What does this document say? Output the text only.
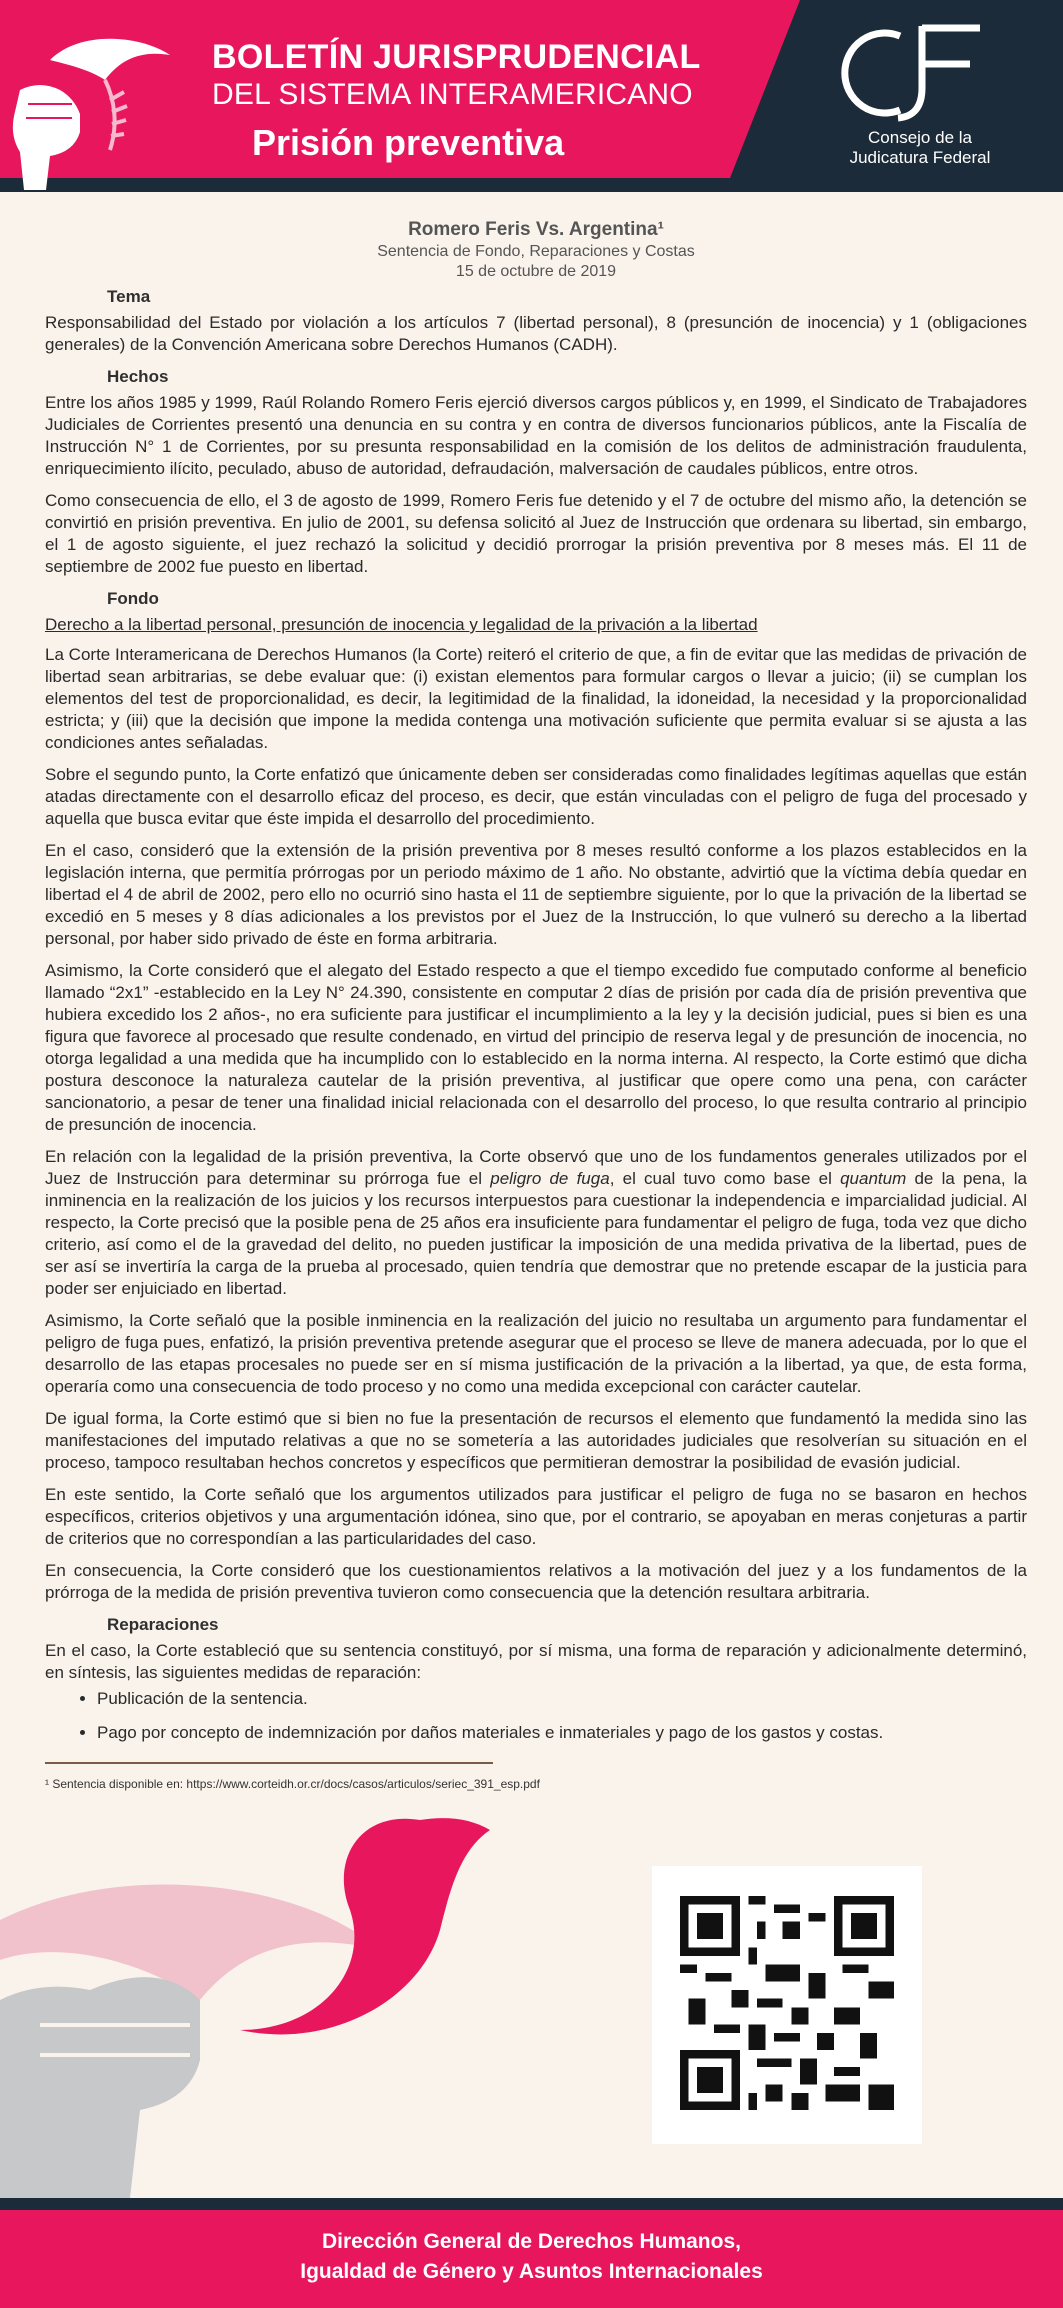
BOLETÍN JURISPRUDENCIAL
DEL SISTEMA INTERAMERICANO
Prisión preventiva	Consejo de la
Judicatura Federal
Romero Feris Vs. Argentina¹
Sentencia de Fondo, Reparaciones y Costas
15 de octubre de 2019
Tema

Responsabilidad del Estado por violación a los artículos 7 (libertad personal), 8 (presunción de inocencia) y 1 (obligaciones generales) de la Convención Americana sobre Derechos Humanos (CADH).

Hechos

Entre los años 1985 y 1999, Raúl Rolando Romero Feris ejerció diversos cargos públicos y, en 1999, el Sindicato de Trabajadores Judiciales de Corrientes presentó una denuncia en su contra y en contra de diversos funcionarios públicos, ante la Fiscalía de Instrucción N° 1 de Corrientes, por su presunta responsabilidad en la comisión de los delitos de administración fraudulenta, enriquecimiento ilícito, peculado, abuso de autoridad, defraudación, malversación de caudales públicos, entre otros.

Como consecuencia de ello, el 3 de agosto de 1999, Romero Feris fue detenido y el 7 de octubre del mismo año, la detención se convirtió en prisión preventiva. En julio de 2001, su defensa solicitó al Juez de Instrucción que ordenara su libertad, sin embargo, el 1 de agosto siguiente, el juez rechazó la solicitud y decidió prorrogar la prisión preventiva por 8 meses más. El 11 de septiembre de 2002 fue puesto en libertad.

Fondo

Derecho a la libertad personal, presunción de inocencia y legalidad de la privación a la libertad

La Corte Interamericana de Derechos Humanos (la Corte) reiteró el criterio de que, a fin de evitar que las medidas de privación de libertad sean arbitrarias, se debe evaluar que: (i) existan elementos para formular cargos o llevar a juicio; (ii) se cumplan los elementos del test de proporcionalidad, es decir, la legitimidad de la finalidad, la idoneidad, la necesidad y la proporcionalidad estricta; y (iii) que la decisión que impone la medida contenga una motivación suficiente que permita evaluar si se ajusta a las condiciones antes señaladas.

Sobre el segundo punto, la Corte enfatizó que únicamente deben ser consideradas como finalidades legítimas aquellas que están atadas directamente con el desarrollo eficaz del proceso, es decir, que están vinculadas con el peligro de fuga del procesado y aquella que busca evitar que éste impida el desarrollo del procedimiento.

En el caso, consideró que la extensión de la prisión preventiva por 8 meses resultó conforme a los plazos establecidos en la legislación interna, que permitía prórrogas por un periodo máximo de 1 año. No obstante, advirtió que la víctima debía quedar en libertad el 4 de abril de 2002, pero ello no ocurrió sino hasta el 11 de septiembre siguiente, por lo que la privación de la libertad se excedió en 5 meses y 8 días adicionales a los previstos por el Juez de la Instrucción, lo que vulneró su derecho a la libertad personal, por haber sido privado de éste en forma arbitraria.

Asimismo, la Corte consideró que el alegato del Estado respecto a que el tiempo excedido fue computado conforme al beneficio llamado “2x1” -establecido en la Ley N° 24.390, consistente en computar 2 días de prisión por cada día de prisión preventiva que hubiera excedido los 2 años-, no era suficiente para justificar el incumplimiento a la ley y la decisión judicial, pues si bien es una figura que favorece al procesado que resulte condenado, en virtud del principio de reserva legal y de presunción de inocencia, no otorga legalidad a una medida que ha incumplido con lo establecido en la norma interna. Al respecto, la Corte estimó que dicha postura desconoce la naturaleza cautelar de la prisión preventiva, al justificar que opere como una pena, con carácter sancionatorio, a pesar de tener una finalidad inicial relacionada con el desarrollo del proceso, lo que resulta contrario al principio de presunción de inocencia.

En relación con la legalidad de la prisión preventiva, la Corte observó que uno de los fundamentos generales utilizados por el Juez de Instrucción para determinar su prórroga fue el peligro de fuga, el cual tuvo como base el quantum de la pena, la inminencia en la realización de los juicios y los recursos interpuestos para cuestionar la independencia e imparcialidad judicial. Al respecto, la Corte precisó que la posible pena de 25 años era insuficiente para fundamentar el peligro de fuga, toda vez que dicho criterio, así como el de la gravedad del delito, no pueden justificar la imposición de una medida privativa de la libertad, pues de ser así se invertiría la carga de la prueba al procesado, quien tendría que demostrar que no pretende escapar de la justicia para poder ser enjuiciado en libertad.

Asimismo, la Corte señaló que la posible inminencia en la realización del juicio no resultaba un argumento para fundamentar el peligro de fuga pues, enfatizó, la prisión preventiva pretende asegurar que el proceso se lleve de manera adecuada, por lo que el desarrollo de las etapas procesales no puede ser en sí misma justificación de la privación a la libertad, ya que, de esta forma, operaría como una consecuencia de todo proceso y no como una medida excepcional con carácter cautelar.

De igual forma, la Corte estimó que si bien no fue la presentación de recursos el elemento que fundamentó la medida sino las manifestaciones del imputado relativas a que no se sometería a las autoridades judiciales que resolverían su situación en el proceso, tampoco resultaban hechos concretos y específicos que permitieran demostrar la posibilidad de evasión judicial.

En este sentido, la Corte señaló que los argumentos utilizados para justificar el peligro de fuga no se basaron en hechos específicos, criterios objetivos y una argumentación idónea, sino que, por el contrario, se apoyaban en meras conjeturas a partir de criterios que no correspondían a las particularidades del caso.

En consecuencia, la Corte consideró que los cuestionamientos relativos a la motivación del juez y a los fundamentos de la prórroga de la medida de prisión preventiva tuvieron como consecuencia que la detención resultara arbitraria.

Reparaciones

En el caso, la Corte estableció que su sentencia constituyó, por sí misma, una forma de reparación y adicionalmente determinó, en síntesis, las siguientes medidas de reparación:

• Publicación de la sentencia.
• Pago por concepto de indemnización por daños materiales e inmateriales y pago de los gastos y costas.
¹ Sentencia disponible en: https://www.corteidh.or.cr/docs/casos/articulos/seriec_391_esp.pdf
Dirección General de Derechos Humanos,
Igualdad de Género y Asuntos Internacionales
